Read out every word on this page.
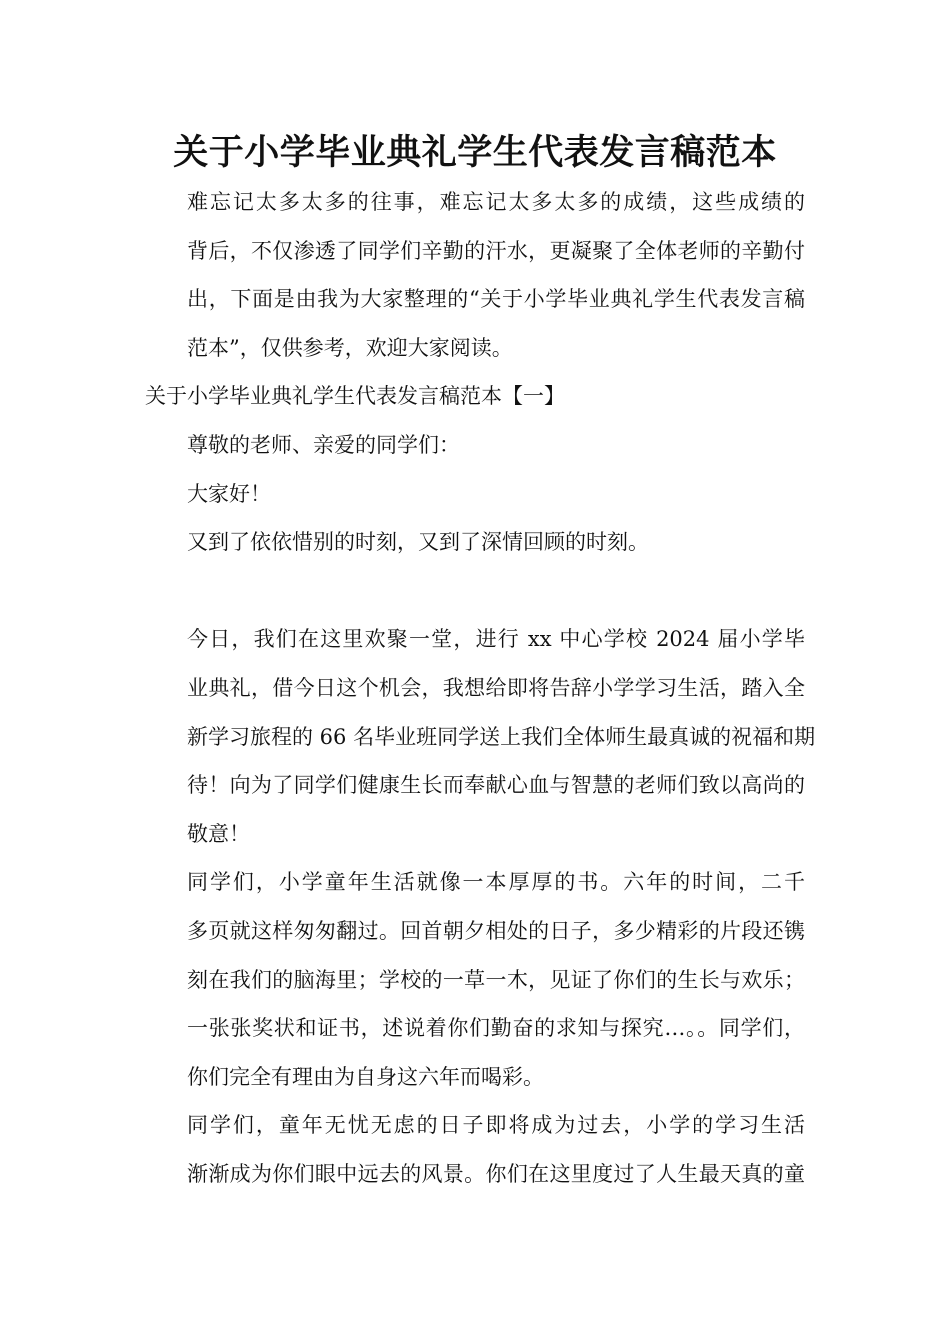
关于小学毕业典礼学生代表发言稿范本

难忘记太多太多的往事，难忘记太多太多的成绩，这些成绩的
背后，不仅渗透了同学们辛勤的汗水，更凝聚了全体老师的辛勤付
出，下面是由我为大家整理的“关于小学毕业典礼学生代表发言稿
范本”，仅供参考，欢迎大家阅读。

关于小学毕业典礼学生代表发言稿范本【一】

尊敬的老师、亲爱的同学们：

大家好！

又到了依依惜别的时刻，又到了深情回顾的时刻。

今日，我们在这里欢聚一堂，进行 xx 中心学校 2024 届小学毕
业典礼，借今日这个机会，我想给即将告辞小学学习生活，踏入全
新学习旅程的 66 名毕业班同学送上我们全体师生最真诚的祝福和期
待！向为了同学们健康生长而奉献心血与智慧的老师们致以高尚的
敬意！

同学们，小学童年生活就像一本厚厚的书。六年的时间，二千
多页就这样匆匆翻过。回首朝夕相处的日子，多少精彩的片段还镌
刻在我们的脑海里；学校的一草一木，见证了你们的生长与欢乐；
一张张奖状和证书，述说着你们勤奋的求知与探究…。。同学们，
你们完全有理由为自身这六年而喝彩。

同学们，童年无忧无虑的日子即将成为过去，小学的学习生活
渐渐成为你们眼中远去的风景。你们在这里度过了人生最天真的童
